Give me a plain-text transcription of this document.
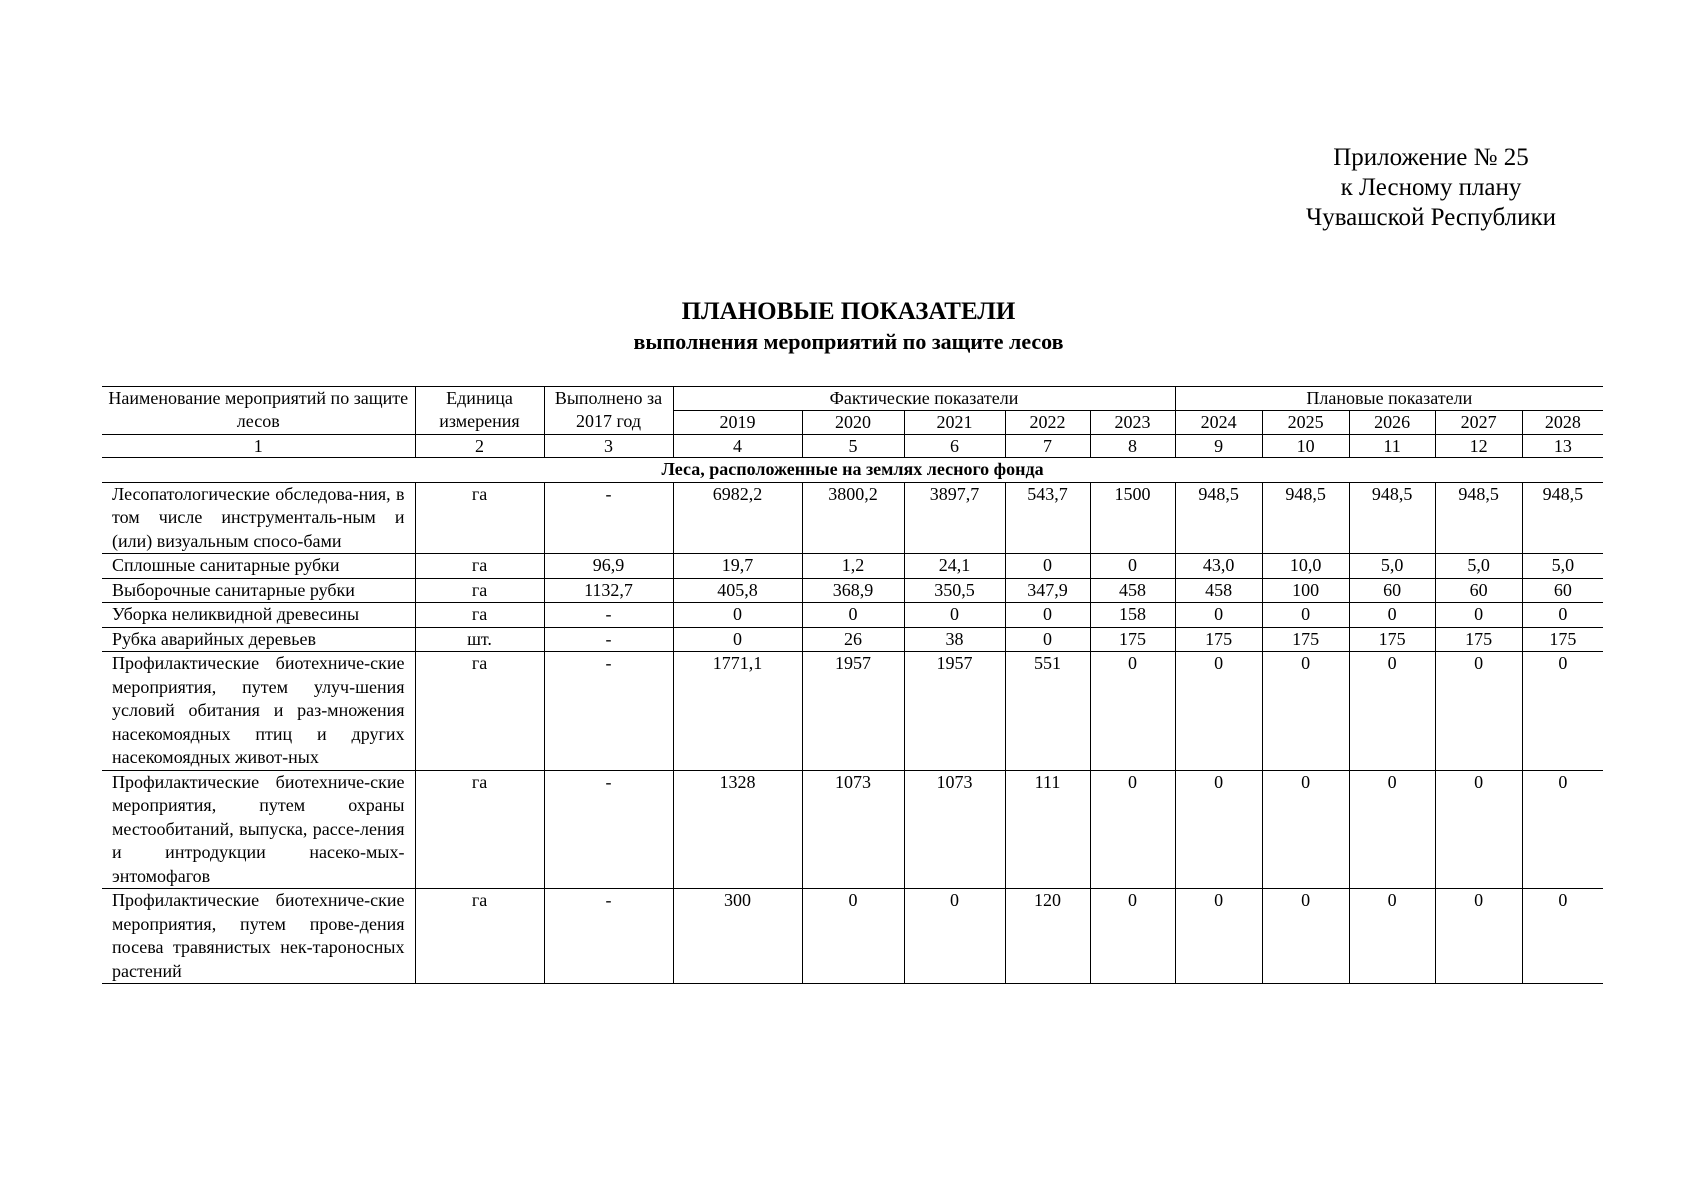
Приложение № 25
к Лесному плану
Чувашской Республики
ПЛАНОВЫЕ ПОКАЗАТЕЛИ
выполнения мероприятий по защите лесов
Наименование мероприятий по защите лесов	Единица измерения	Выполнено за 2017 год	Фактические показатели					Плановые показатели				
			2019	2020	2021	2022	2023	2024	2025	2026	2027	2028
1	2	3	4	5	6	7	8	9	10	11	12	13
Леса, расположенные на землях лесного фонда												
Лесопатологические обследова-ния, в том числе инструменталь-ным и (или) визуальным спосо-бами	га	-	6982,2	3800,2	3897,7	543,7	1500	948,5	948,5	948,5	948,5	948,5
Сплошные санитарные рубки	га	96,9	19,7	1,2	24,1	0	0	43,0	10,0	5,0	5,0	5,0
Выборочные санитарные рубки	га	1132,7	405,8	368,9	350,5	347,9	458	458	100	60	60	60
Уборка неликвидной древесины	га	-	0	0	0	0	158	0	0	0	0	0
Рубка аварийных деревьев	шт.	-	0	26	38	0	175	175	175	175	175	175
Профилактические биотехниче-ские мероприятия, путем улуч-шения условий обитания и раз-множения насекомоядных птиц и других насекомоядных живот-ных	га	-	1771,1	1957	1957	551	0	0	0	0	0	0
Профилактические биотехниче-ские мероприятия, путем охраны местообитаний, выпуска, рассе-ления и интродукции насеко-мых-энтомофагов	га	-	1328	1073	1073	111	0	0	0	0	0	0
Профилактические биотехниче-ские мероприятия, путем прове-дения посева травянистых нек-тароносных растений	га	-	300	0	0	120	0	0	0	0	0	0
